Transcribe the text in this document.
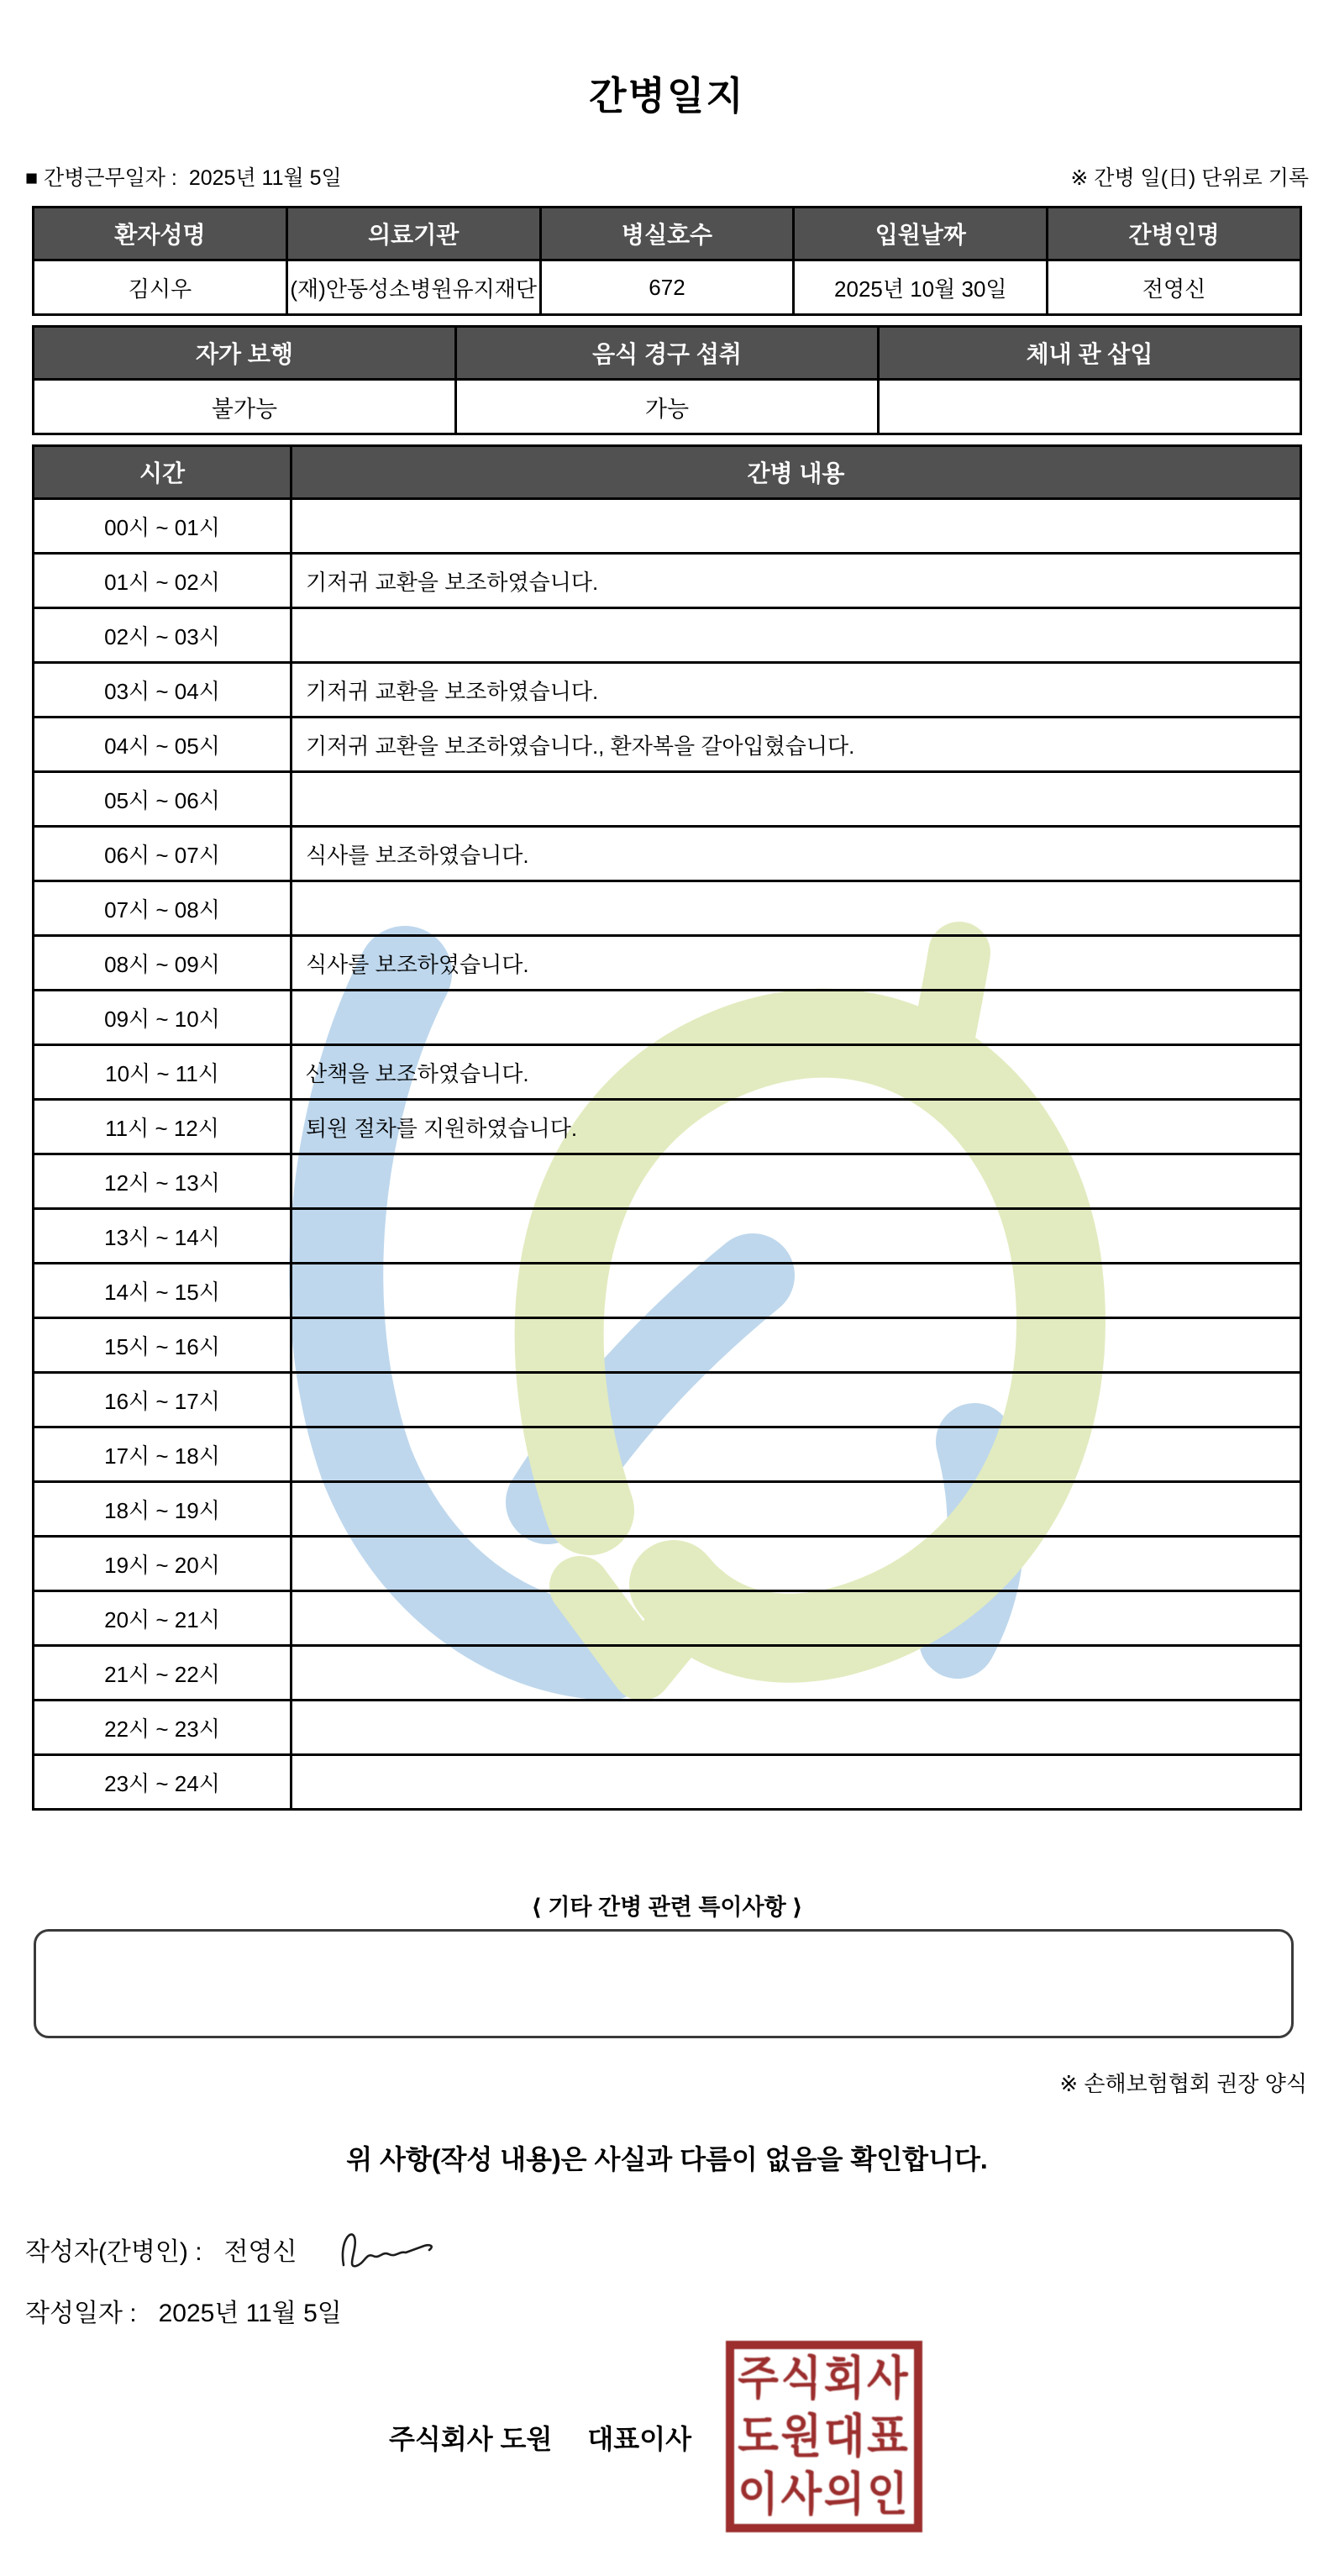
간병일지
■ 간병근무일자 : 2025년 11월 5일	※ 간병 일(日) 단위로 기록
환자성명	의료기관	병실호수	입원날짜	간병인명
김시우	(재)안동성소병원유지재단	672	2025년 10월 30일	전영신
자가 보행	음식 경구 섭취	체내 관 삽입
불가능	가능	
시간	간병 내용
00시 ~ 01시	
01시 ~ 02시	기저귀 교환을 보조하였습니다.
02시 ~ 03시	
03시 ~ 04시	기저귀 교환을 보조하였습니다.
04시 ~ 05시	기저귀 교환을 보조하였습니다., 환자복을 갈아입혔습니다.
05시 ~ 06시	
06시 ~ 07시	식사를 보조하였습니다.
07시 ~ 08시	
08시 ~ 09시	식사를 보조하였습니다.
09시 ~ 10시	
10시 ~ 11시	산책을 보조하였습니다.
11시 ~ 12시	퇴원 절차를 지원하였습니다.
12시 ~ 13시	
13시 ~ 14시	
14시 ~ 15시	
15시 ~ 16시	
16시 ~ 17시	
17시 ~ 18시	
18시 ~ 19시	
19시 ~ 20시	
20시 ~ 21시	
21시 ~ 22시	
22시 ~ 23시	
23시 ~ 24시	
⟨ 기타 간병 관련 특이사항 ⟩
※ 손해보험협회 권장 양식
위 사항(작성 내용)은 사실과 다름이 없음을 확인합니다.
작성자(간병인) : 전영신
작성일자 : 2025년 11월 5일
주식회사 도원 대표이사
주식회사
도원대표
이사의인
